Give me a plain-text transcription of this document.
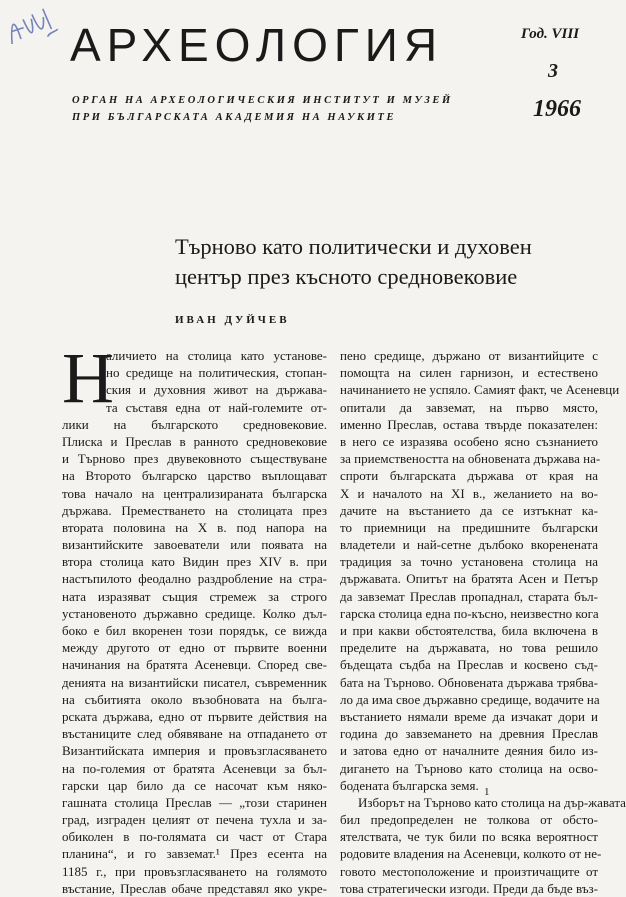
АРХЕОЛОГИЯ	Год. VIII
3
1966
ОРГАН НА АРХЕОЛОГИЧЕСКИЯ ИНСТИТУТ И МУЗЕЙ
ПРИ БЪЛГАРСКАТА АКАДЕМИЯ НА НАУКИТЕ
Търново като политически и духовен
център през късното средновековие
ИВАН ДУЙЧЕВ
Н
аличието на столица като установе-
но средище на политическия, стопан-
ския и духовния живот на държава-
та съставя една от най-големите от-
лики на българското средновековие.
Плиска и Преслав в ранното средновековие
и Търново през двувековното съществуване
на Второто българско царство въплощават
това начало на централизираната българска
държава. Преместването на столицата през
втората половина на X в. под напора на
византийските завоеватели или появата на
втора столица като Видин през XIV в. при
настъпилото феодално раздробление на стра-
ната изразяват същия стремеж за строго
установеното държавно средище. Колко дъл-
боко е бил вкоренен този порядък, се вижда
между другото от едно от първите военни
начинания на братята Асеневци. Според све-
денията на византийски писател, съвременник
на събитията около възобновата на бълга-
рската държава, едно от първите действия на
въстаниците след обявяване на отпадането от
Византийската империя и провъзгласяването
на по-големия от братята Асеневци за бъл-
гарски цар било да се насочат към няко-
гашната столица Преслав — „този старинен
град, изграден целият от печена тухла и за-
обиколен в по-голямата си част от Стара
планина“, и го завземат.¹ През есента на
1185 г., при провъзгласяването на голямото
въстание, Преслав обаче представял яко укре-
пено средище, държано от византийците с
помощта на силен гарнизон, и естествено
начинанието не успяло. Самият факт, че Асеневци
опитали да завземат, на първо място,
именно Преслав, остава твърде показателен:
в него се изразява особено ясно съзнанието
за приемствеността на обновената държава на-
спроти българската държава от края на
X и началото на XI в., желанието на во-
дачите на въстанието да се изтъкнат ка-
то приемници на предишните български
владетели и най-сетне дълбоко вкоренената
традиция за точно установена столица на
държавата. Опитът на братята Асен и Петър
да завземат Преслав пропаднал, старата бъл-
гарска столица една по-късно, неизвестно кога
и при какви обстоятелства, била включена в
пределите на държавата, но това решило
бъдещата съдба на Преслав и косвено съд-
бата на Търново. Обновената държава трябва-
ло да има свое държавно средище, водачите на
въстанието нямали време да изчакат дори и
година до завземането на древния Преслав
и затова едно от началните деяния било из-
дигането на Търново като столица на осво-
бодената българска земя.
Изборът на Търново като столица на дър-жавата
бил предопределен не толкова от обсто-
ятелствата, че тук били по всяка вероятност
родовите владения на Асеневци, колкото от не-
говото местоположение и произтичащите от
това стратегически изгоди. Преди да бъде въз-
1
